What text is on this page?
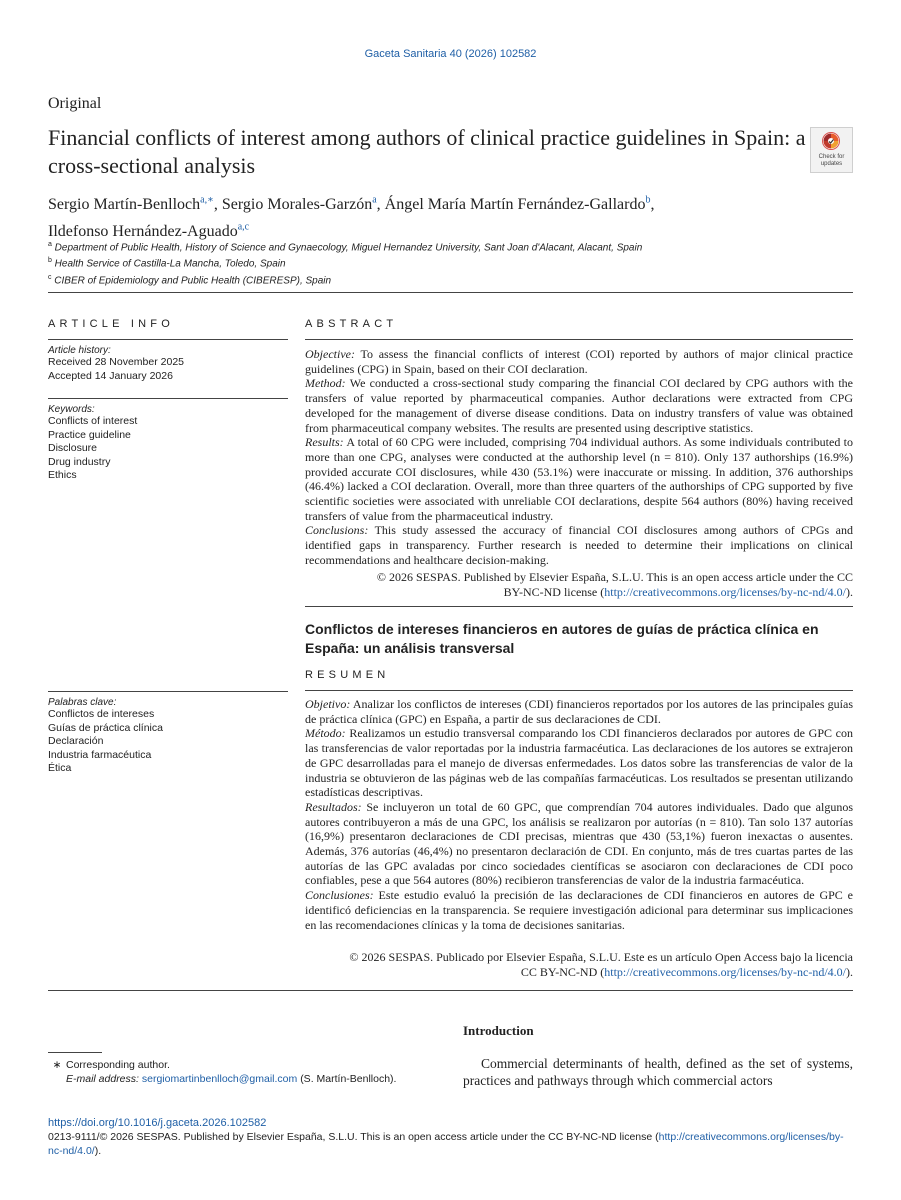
Gaceta Sanitaria 40 (2026) 102582
Original
Financial conflicts of interest among authors of clinical practice guidelines in Spain: a cross-sectional analysis	Check for updates
Sergio Martín-Benlloch$^{a,∗}$, Sergio Morales-Garzón$^a$, Ángel María Martín Fernández-Gallardo$^b$,
Ildefonso Hernández-Aguado$^{a,c}$
$^a$ Department of Public Health, History of Science and Gynaecology, Miguel Hernandez University, Sant Joan d'Alacant, Alacant, Spain
$^b$ Health Service of Castilla-La Mancha, Toledo, Spain
$^c$ CIBER of Epidemiology and Public Health (CIBERESP), Spain
ARTICLE INFO
Article history:
Received 28 November 2025
Accepted 14 January 2026
Keywords:
Conflicts of interest
Practice guideline
Disclosure
Drug industry
Ethics
ABSTRACT

Objective: To assess the financial conflicts of interest (COI) reported by authors of major clinical practice guidelines (CPG) in Spain, based on their COI declaration.

Method: We conducted a cross-sectional study comparing the financial COI declared by CPG authors with the transfers of value reported by pharmaceutical companies. Author declarations were extracted from CPG developed for the management of diverse disease conditions. Data on industry transfers of value was obtained from pharmaceutical company websites. The results are presented using descriptive statistics.

Results: A total of 60 CPG were included, comprising 704 individual authors. As some individuals contributed to more than one CPG, analyses were conducted at the authorship level (n = 810). Only 137 authorships (16.9%) provided accurate COI disclosures, while 430 (53.1%) were inaccurate or missing. In addition, 376 authorships (46.4%) lacked a COI declaration. Overall, more than three quarters of the authorships of CPG supported by five scientific societies were associated with unreliable COI declarations, despite 564 authors (80%) having received transfers of value from the pharmaceutical industry.

Conclusions: This study assessed the accuracy of financial COI disclosures among authors of CPGs and identified gaps in transparency. Further research is needed to determine their implications on clinical recommendations and healthcare decision-making.

© 2026 SESPAS. Published by Elsevier España, S.L.U. This is an open access article under the CC
BY-NC-ND license (http://creativecommons.org/licenses/by-nc-nd/4.0/).
Conflictos de intereses financieros en autores de guías de práctica clínica en España: un análisis transversal
RESUMEN

Objetivo: Analizar los conflictos de intereses (CDI) financieros reportados por los autores de las principales guías de práctica clínica (GPC) en España, a partir de sus declaraciones de CDI.

Método: Realizamos un estudio transversal comparando los CDI financieros declarados por autores de GPC con las transferencias de valor reportadas por la industria farmacéutica. Las declaraciones de los autores se extrajeron de GPC desarrolladas para el manejo de diversas enfermedades. Los datos sobre las transferencias de valor de la industria se obtuvieron de las páginas web de las compañías farmacéuticas. Los resultados se presentan utilizando estadísticas descriptivas.

Resultados: Se incluyeron un total de 60 GPC, que comprendían 704 autores individuales. Dado que algunos autores contribuyeron a más de una GPC, los análisis se realizaron por autorías (n = 810). Tan solo 137 autorías (16,9%) presentaron declaraciones de CDI precisas, mientras que 430 (53,1%) fueron inexactas o ausentes. Además, 376 autorías (46,4%) no presentaron declaración de CDI. En conjunto, más de tres cuartas partes de las autorías de las GPC avaladas por cinco sociedades científicas se asociaron con declaraciones de CDI poco confiables, pese a que 564 autores (80%) recibieron transferencias de valor de la industria farmacéutica.

Conclusiones: Este estudio evaluó la precisión de las declaraciones de CDI financieros en autores de GPC e identificó deficiencias en la transparencia. Se requiere investigación adicional para determinar sus implicaciones en las recomendaciones clínicas y la toma de decisiones sanitarias.

© 2026 SESPAS. Publicado por Elsevier España, S.L.U. Este es un artículo Open Access bajo la licencia
CC BY-NC-ND (http://creativecommons.org/licenses/by-nc-nd/4.0/).
Palabras clave:
Conflictos de intereses
Guías de práctica clínica
Declaración
Industria farmacéutica
Ética
Introduction
Commercial determinants of health, defined as the set of systems, practices and pathways through which commercial actors
∗ Corresponding author.
E-mail address: sergiomartinbenlloch@gmail.com (S. Martín-Benlloch).
https://doi.org/10.1016/j.gaceta.2026.102582
0213-9111/© 2026 SESPAS. Published by Elsevier España, S.L.U. This is an open access article under the CC BY-NC-ND license (http://creativecommons.org/licenses/by-nc-nd/4.0/).
